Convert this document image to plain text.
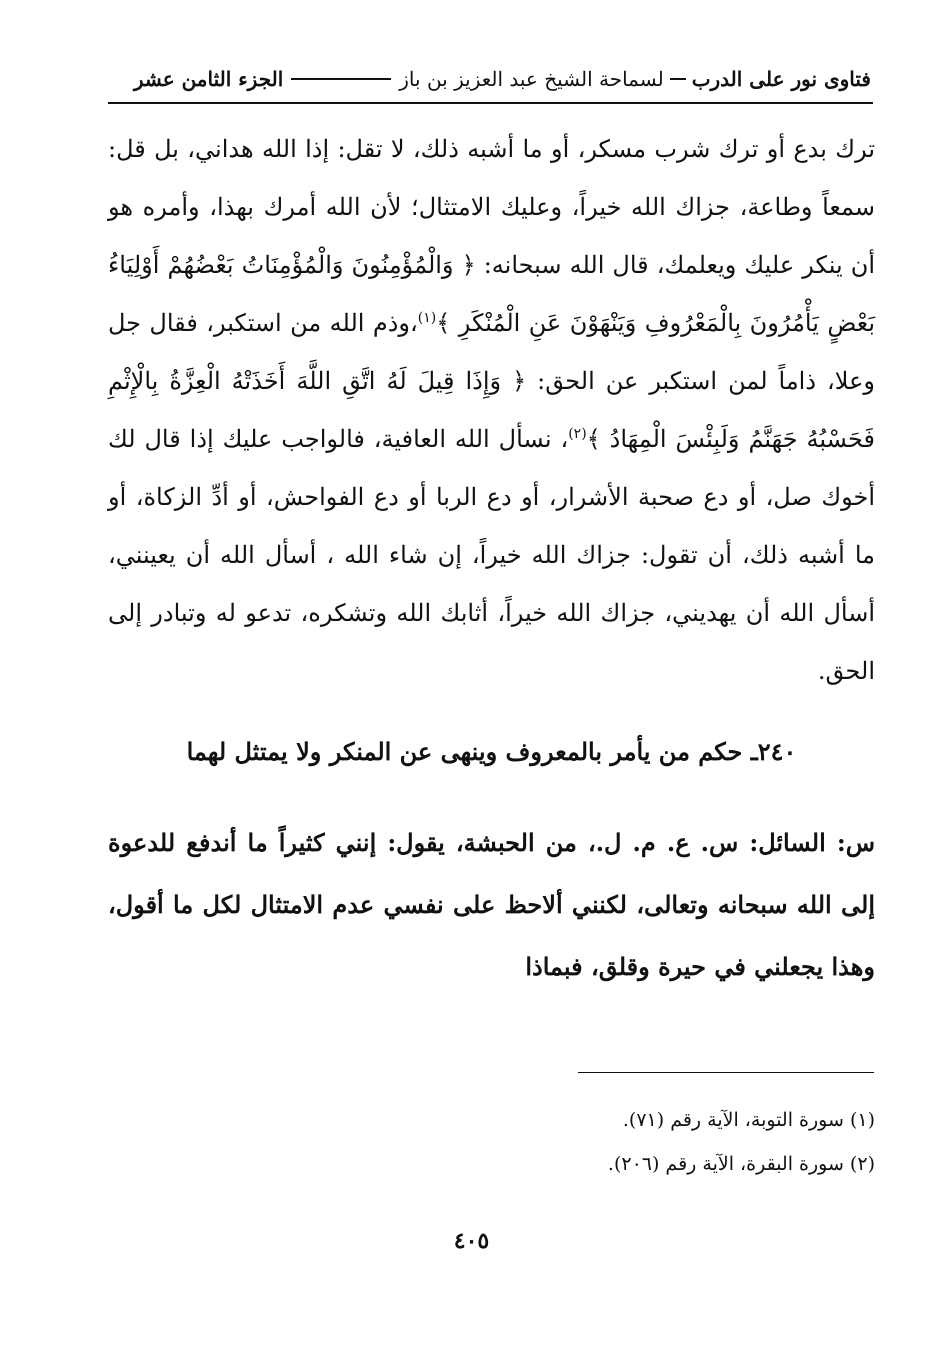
فتاوى نور على الدرب
لسماحة الشيخ عبد العزيز بن باز
الجزء الثامن عشر

ترك بدع أو ترك شرب مسكر، أو ما أشبه ذلك، لا تقل: إذا الله هداني، بل قل: سمعاً وطاعة، جزاك الله خيراً، وعليك الامتثال؛ لأن الله أمرك بهذا، وأمره هو أن ينكر عليك ويعلمك، قال الله سبحانه: ﴿ وَالْمُؤْمِنُونَ وَالْمُؤْمِنَاتُ بَعْضُهُمْ أَوْلِيَاءُ بَعْضٍ يَأْمُرُونَ بِالْمَعْرُوفِ وَيَنْهَوْنَ عَنِ الْمُنْكَرِ ﴾$^{(١)}$،وذم الله من استكبر، فقال جل وعلا، ذاماً لمن استكبر عن الحق: ﴿ وَإِذَا قِيلَ لَهُ اتَّقِ اللَّهَ أَخَذَتْهُ الْعِزَّةُ بِالْإِثْمِ فَحَسْبُهُ جَهَنَّمُ وَلَبِئْسَ الْمِهَادُ ﴾$^{(٢)}$، نسأل الله العافية، فالواجب عليك إذا قال لك أخوك صل، أو دع صحبة الأشرار، أو دع الربا أو دع الفواحش، أو أدِّ الزكاة، أو ما أشبه ذلك، أن تقول: جزاك الله خيراً، إن شاء الله ، أسأل الله أن يعينني، أسأل الله أن يهديني، جزاك الله خيراً، أثابك الله وتشكره، تدعو له وتبادر إلى الحق.

٢٤٠ـ حكم من يأمر بالمعروف وينهى عن المنكر ولا يمتثل لهما

س: السائل: س. ع. م. ل.، من الحبشة، يقول: إنني كثيراً ما أندفع للدعوة إلى الله سبحانه وتعالى، لكنني ألاحظ على نفسي عدم الامتثال لكل ما أقول، وهذا يجعلني في حيرة وقلق، فبماذا

(١) سورة التوبة، الآية رقم (٧١).
(٢) سورة البقرة، الآية رقم (٢٠٦).
٤٠٥
